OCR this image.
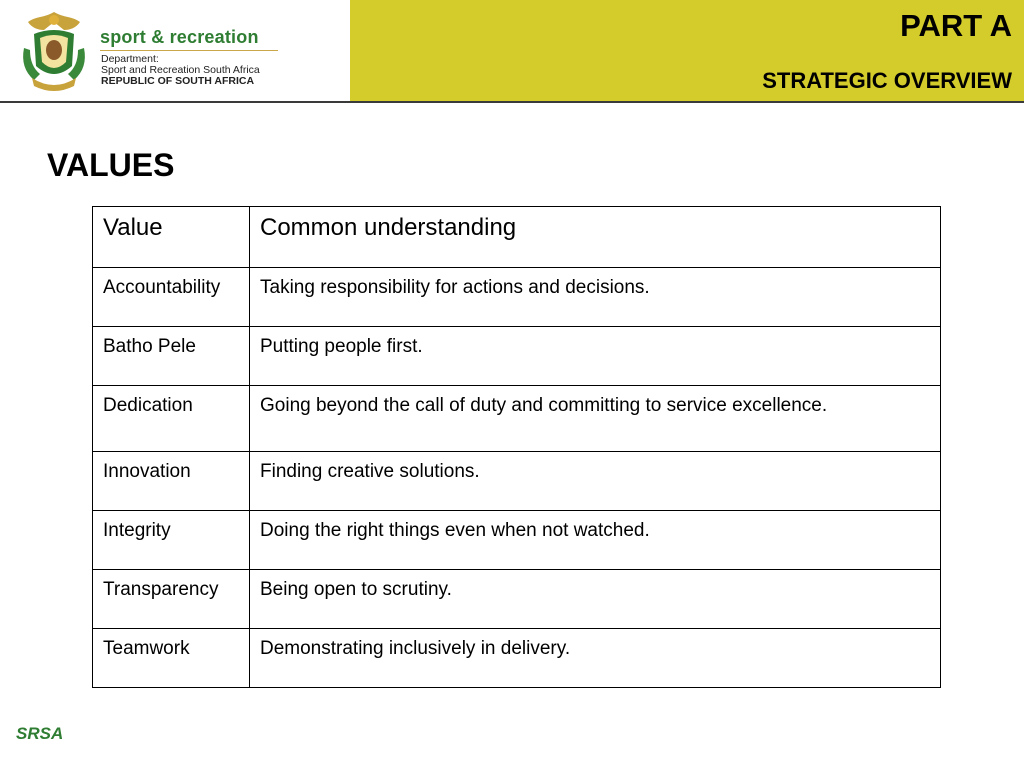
sport & recreation
Department:
Sport and Recreation South Africa
REPUBLIC OF SOUTH AFRICA
PART A
STRATEGIC OVERVIEW
VALUES
Value	Common understanding
Accountability	Taking responsibility for actions and decisions.
Batho Pele	Putting people first.
Dedication	Going beyond the call of duty and committing to service excellence.
Innovation	Finding creative solutions.
Integrity	Doing the right things even when not watched.
Transparency	Being open to scrutiny.
Teamwork	Demonstrating inclusively in delivery.
SRSA
